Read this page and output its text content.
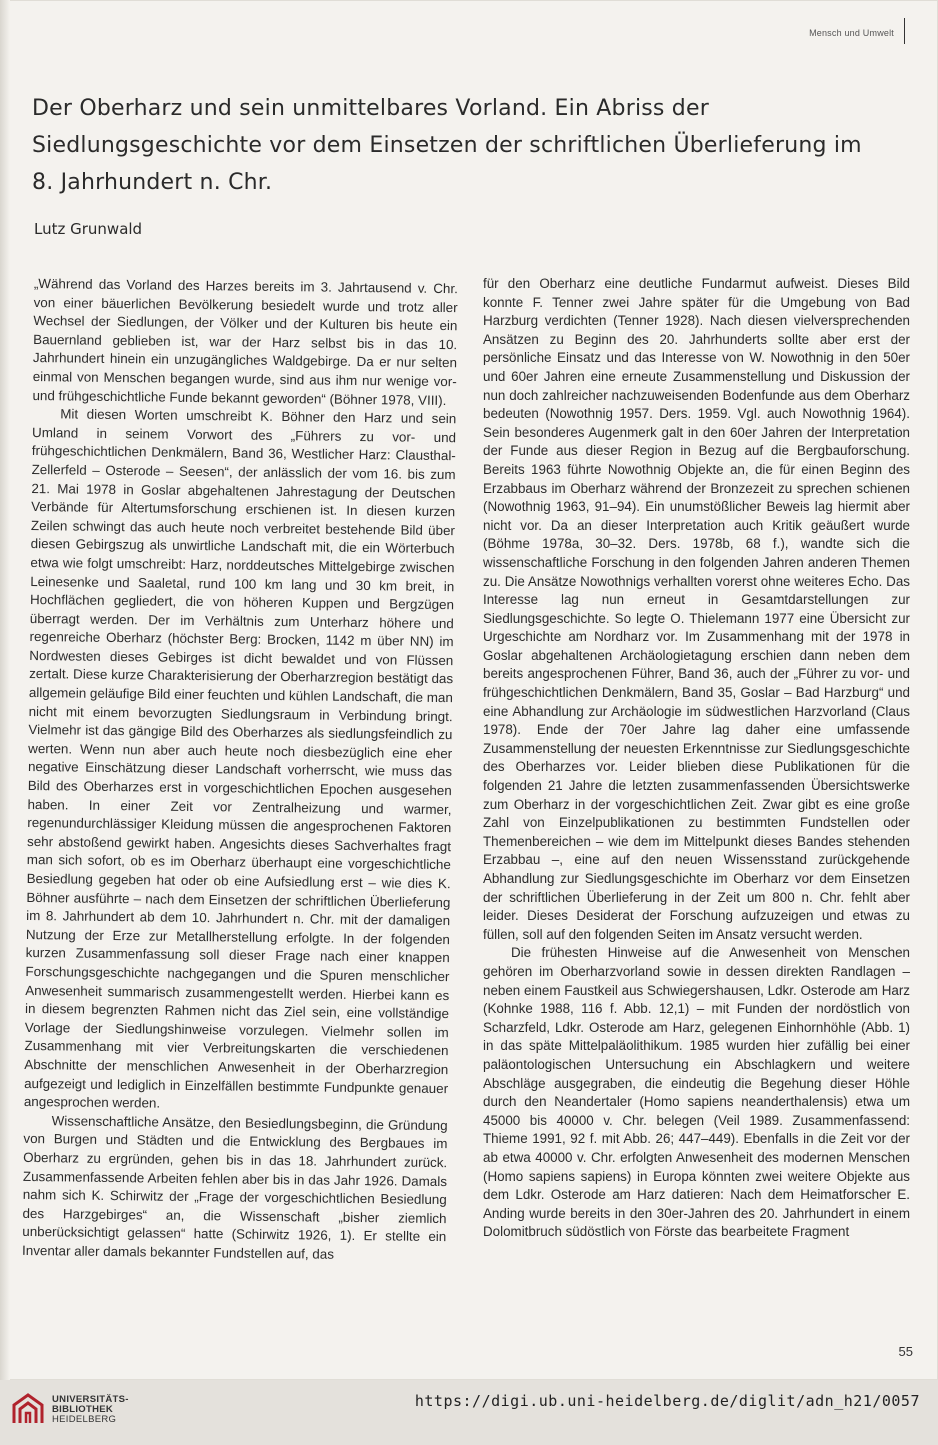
Mensch und Umwelt
Der Oberharz und sein unmittelbares Vorland. Ein Abriss der Siedlungsgeschichte vor dem Einsetzen der schriftlichen Überlieferung im 8. Jahrhundert n. Chr.
Lutz Grunwald

„Während das Vorland des Harzes bereits im 3. Jahrtausend v. Chr. von einer bäuerlichen Bevölkerung besiedelt wurde und trotz aller Wechsel der Siedlungen, der Völker und der Kulturen bis heute ein Bauernland geblieben ist, war der Harz selbst bis in das 10. Jahrhundert hinein ein unzugängliches Waldgebirge. Da er nur selten einmal von Menschen begangen wurde, sind aus ihm nur wenige vor- und frühgeschichtliche Funde bekannt geworden“ (Böhner 1978, VIII).

Mit diesen Worten umschreibt K. Böhner den Harz und sein Umland in seinem Vorwort des „Führers zu vor- und frühgeschichtlichen Denkmälern, Band 36, Westlicher Harz: Clausthal-Zellerfeld – Osterode – Seesen“, der anlässlich der vom 16. bis zum 21. Mai 1978 in Goslar abgehaltenen Jahrestagung der Deutschen Verbände für Altertumsforschung erschienen ist. In diesen kurzen Zeilen schwingt das auch heute noch verbreitet bestehende Bild über diesen Gebirgszug als unwirtliche Landschaft mit, die ein Wörterbuch etwa wie folgt umschreibt: Harz, norddeutsches Mittelgebirge zwischen Leinesenke und Saaletal, rund 100 km lang und 30 km breit, in Hochflächen gegliedert, die von höheren Kuppen und Bergzügen überragt werden. Der im Verhältnis zum Unterharz höhere und regenreiche Oberharz (höchster Berg: Brocken, 1142 m über NN) im Nordwesten dieses Gebirges ist dicht bewaldet und von Flüssen zertalt. Diese kurze Charakterisierung der Oberharzregion bestätigt das allgemein geläufige Bild einer feuchten und kühlen Landschaft, die man nicht mit einem bevorzugten Siedlungsraum in Verbindung bringt. Vielmehr ist das gängige Bild des Oberharzes als siedlungsfeindlich zu werten. Wenn nun aber auch heute noch diesbezüglich eine eher negative Einschätzung dieser Landschaft vorherrscht, wie muss das Bild des Oberharzes erst in vorgeschichtlichen Epochen ausgesehen haben. In einer Zeit vor Zentralheizung und warmer, regenundurchlässiger Kleidung müssen die angesprochenen Faktoren sehr abstoßend gewirkt haben. Angesichts dieses Sachverhaltes fragt man sich sofort, ob es im Oberharz überhaupt eine vorgeschichtliche Besiedlung gegeben hat oder ob eine Aufsiedlung erst – wie dies K. Böhner ausführte – nach dem Einsetzen der schriftlichen Überlieferung im 8. Jahrhundert ab dem 10. Jahrhundert n. Chr. mit der damaligen Nutzung der Erze zur Metallherstellung erfolgte. In der folgenden kurzen Zusammenfassung soll dieser Frage nach einer knappen Forschungsgeschichte nachgegangen und die Spuren menschlicher Anwesenheit summarisch zusammengestellt werden. Hierbei kann es in diesem begrenzten Rahmen nicht das Ziel sein, eine vollständige Vorlage der Siedlungshinweise vorzulegen. Vielmehr sollen im Zusammenhang mit vier Verbreitungskarten die verschiedenen Abschnitte der menschlichen Anwesenheit in der Oberharzregion aufgezeigt und lediglich in Einzelfällen bestimmte Fundpunkte genauer angesprochen werden.

Wissenschaftliche Ansätze, den Besiedlungsbeginn, die Gründung von Burgen und Städten und die Entwicklung des Bergbaues im Oberharz zu ergründen, gehen bis in das 18. Jahrhundert zurück. Zusammenfassende Arbeiten fehlen aber bis in das Jahr 1926. Damals nahm sich K. Schirwitz der „Frage der vorgeschichtlichen Besiedlung des Harzgebirges“ an, die Wissenschaft „bisher ziemlich unberücksichtigt gelassen“ hatte (Schirwitz 1926, 1). Er stellte ein Inventar aller damals bekannter Fundstellen auf, das

für den Oberharz eine deutliche Fundarmut aufweist. Dieses Bild konnte F. Tenner zwei Jahre später für die Umgebung von Bad Harzburg verdichten (Tenner 1928). Nach diesen vielversprechenden Ansätzen zu Beginn des 20. Jahrhunderts sollte aber erst der persönliche Einsatz und das Interesse von W. Nowothnig in den 50er und 60er Jahren eine erneute Zusammenstellung und Diskussion der nun doch zahlreicher nachzuweisenden Bodenfunde aus dem Oberharz bedeuten (Nowothnig 1957. Ders. 1959. Vgl. auch Nowothnig 1964). Sein besonderes Augenmerk galt in den 60er Jahren der Interpretation der Funde aus dieser Region in Bezug auf die Bergbauforschung. Bereits 1963 führte Nowothnig Objekte an, die für einen Beginn des Erzabbaus im Oberharz während der Bronzezeit zu sprechen schienen (Nowothnig 1963, 91–94). Ein unumstößlicher Beweis lag hiermit aber nicht vor. Da an dieser Interpretation auch Kritik geäußert wurde (Böhme 1978a, 30–32. Ders. 1978b, 68 f.), wandte sich die wissenschaftliche Forschung in den folgenden Jahren anderen Themen zu. Die Ansätze Nowothnigs verhallten vorerst ohne weiteres Echo. Das Interesse lag nun erneut in Gesamtdarstellungen zur Siedlungsgeschichte. So legte O. Thielemann 1977 eine Übersicht zur Urgeschichte am Nordharz vor. Im Zusammenhang mit der 1978 in Goslar abgehaltenen Archäologietagung erschien dann neben dem bereits angesprochenen Führer, Band 36, auch der „Führer zu vor- und frühgeschichtlichen Denkmälern, Band 35, Goslar – Bad Harzburg“ und eine Abhandlung zur Archäologie im südwestlichen Harzvorland (Claus 1978). Ende der 70er Jahre lag daher eine umfassende Zusammenstellung der neuesten Erkenntnisse zur Siedlungsgeschichte des Oberharzes vor. Leider blieben diese Publikationen für die folgenden 21 Jahre die letzten zusammenfassenden Übersichtswerke zum Oberharz in der vorgeschichtlichen Zeit. Zwar gibt es eine große Zahl von Einzelpublikationen zu bestimmten Fundstellen oder Themenbereichen – wie dem im Mittelpunkt dieses Bandes stehenden Erzabbau –, eine auf den neuen Wissensstand zurückgehende Abhandlung zur Siedlungsgeschichte im Oberharz vor dem Einsetzen der schriftlichen Überlieferung in der Zeit um 800 n. Chr. fehlt aber leider. Dieses Desiderat der Forschung aufzuzeigen und etwas zu füllen, soll auf den folgenden Seiten im Ansatz versucht werden.

Die frühesten Hinweise auf die Anwesenheit von Menschen gehören im Oberharzvorland sowie in dessen direkten Randlagen – neben einem Faustkeil aus Schwiegershausen, Ldkr. Osterode am Harz (Kohnke 1988, 116 f. Abb. 12,1) – mit Funden der nordöstlich von Scharzfeld, Ldkr. Osterode am Harz, gelegenen Einhornhöhle (Abb. 1) in das späte Mittelpaläolithikum. 1985 wurden hier zufällig bei einer paläontologischen Untersuchung ein Abschlagkern und weitere Abschläge ausgegraben, die eindeutig die Begehung dieser Höhle durch den Neandertaler (Homo sapiens neanderthalensis) etwa um 45000 bis 40000 v. Chr. belegen (Veil 1989. Zusammenfassend: Thieme 1991, 92 f. mit Abb. 26; 447–449). Ebenfalls in die Zeit vor der ab etwa 40000 v. Chr. erfolgten Anwesenheit des modernen Menschen (Homo sapiens sapiens) in Europa könnten zwei weitere Objekte aus dem Ldkr. Osterode am Harz datieren: Nach dem Heimatforscher E. Anding wurde bereits in den 30er-Jahren des 20. Jahrhundert in einem Dolomitbruch südöstlich von Förste das bearbeitete Fragment

55
UNIVERSITÄTS-
BIBLIOTHEK
HEIDELBERG
https://digi.ub.uni-heidelberg.de/diglit/adn_h21/0057
